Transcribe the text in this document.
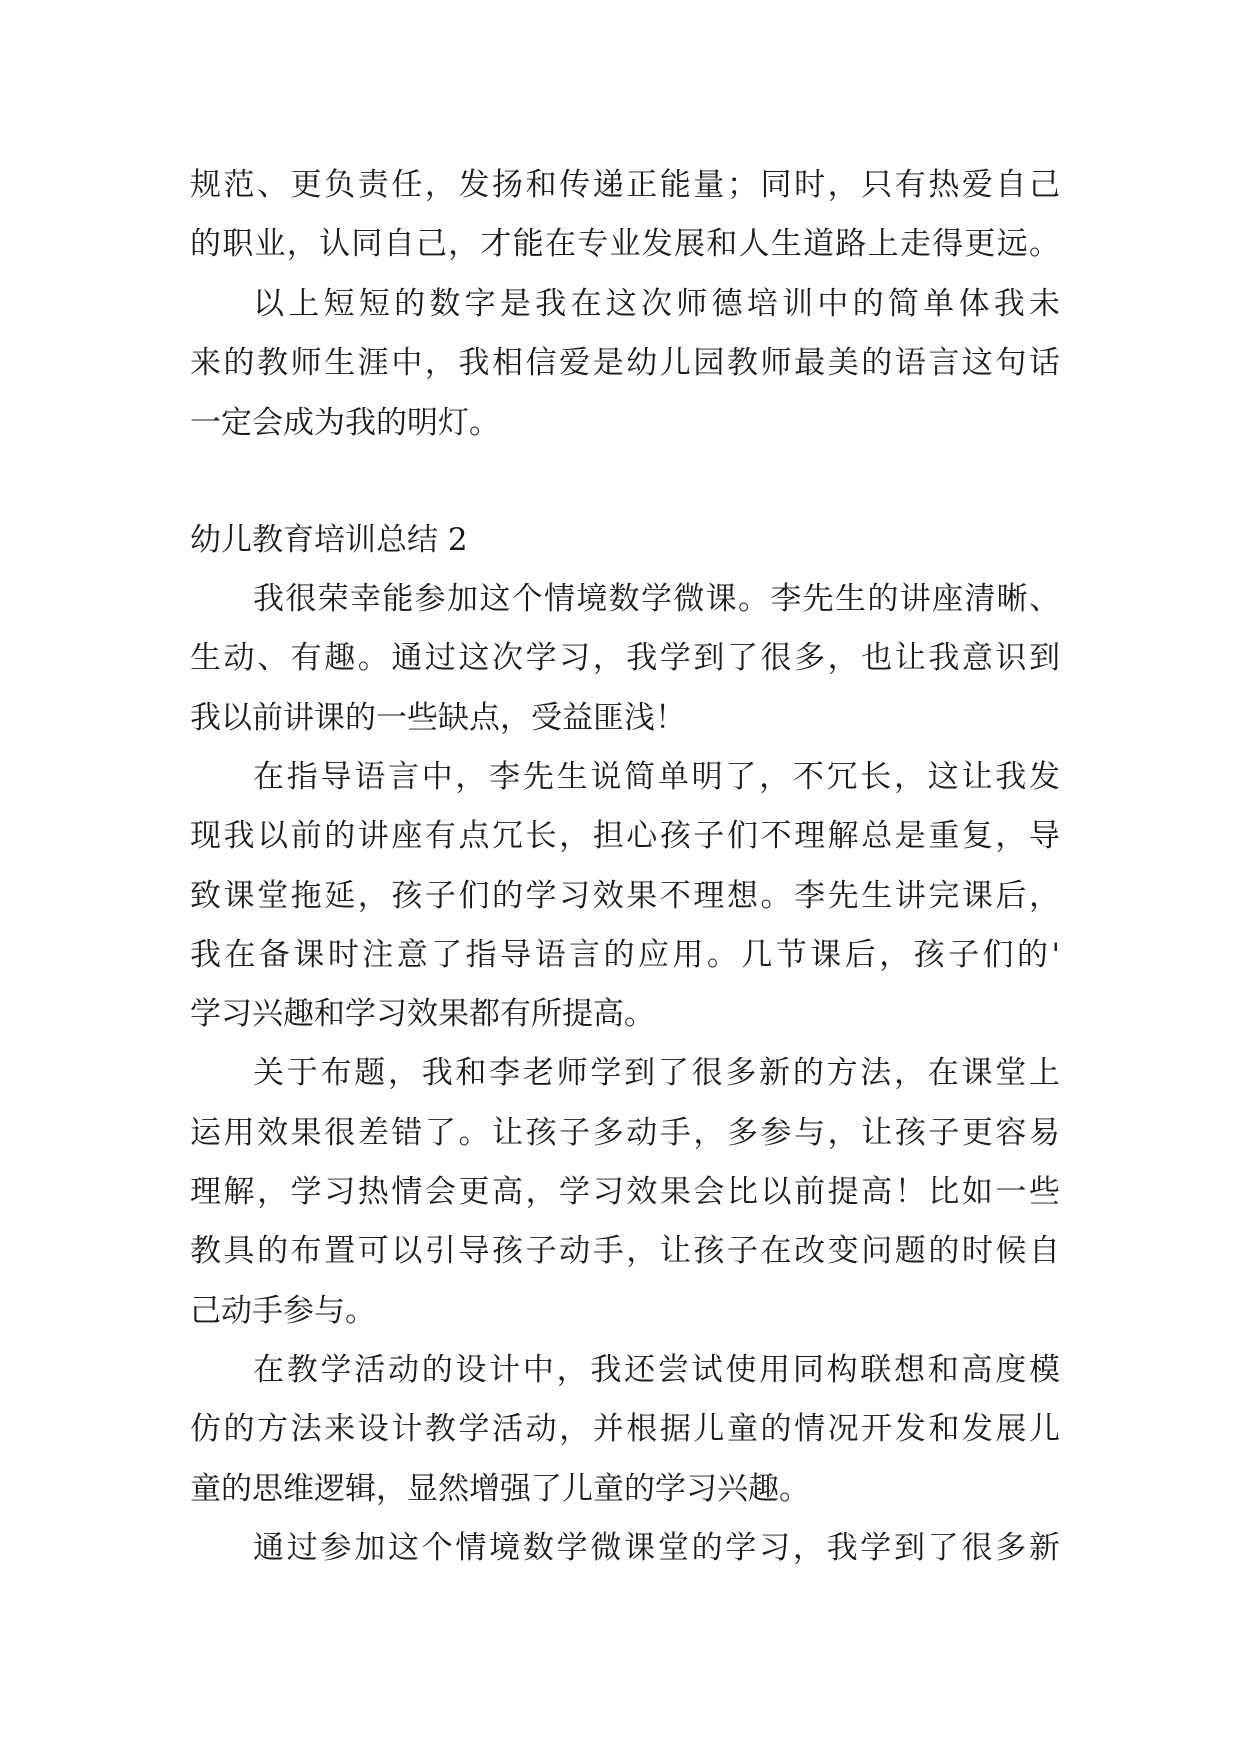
规范、更负责任，发扬和传递正能量；同时，只有热爱自己
的职业，认同自己，才能在专业发展和人生道路上走得更远。
以上短短的数字是我在这次师德培训中的简单体我未
来的教师生涯中，我相信爱是幼儿园教师最美的语言这句话
一定会成为我的明灯。
幼儿教育培训总结 2
我很荣幸能参加这个情境数学微课。李先生的讲座清晰、
生动、有趣。通过这次学习，我学到了很多，也让我意识到
我以前讲课的一些缺点，受益匪浅！
在指导语言中，李先生说简单明了，不冗长，这让我发
现我以前的讲座有点冗长，担心孩子们不理解总是重复，导
致课堂拖延，孩子们的学习效果不理想。李先生讲完课后，
我在备课时注意了指导语言的应用。几节课后，孩子们的'
学习兴趣和学习效果都有所提高。
关于布题，我和李老师学到了很多新的方法，在课堂上
运用效果很差错了。让孩子多动手，多参与，让孩子更容易
理解，学习热情会更高，学习效果会比以前提高！比如一些
教具的布置可以引导孩子动手，让孩子在改变问题的时候自
己动手参与。
在教学活动的设计中，我还尝试使用同构联想和高度模
仿的方法来设计教学活动，并根据儿童的情况开发和发展儿
童的思维逻辑，显然增强了儿童的学习兴趣。
通过参加这个情境数学微课堂的学习，我学到了很多新
